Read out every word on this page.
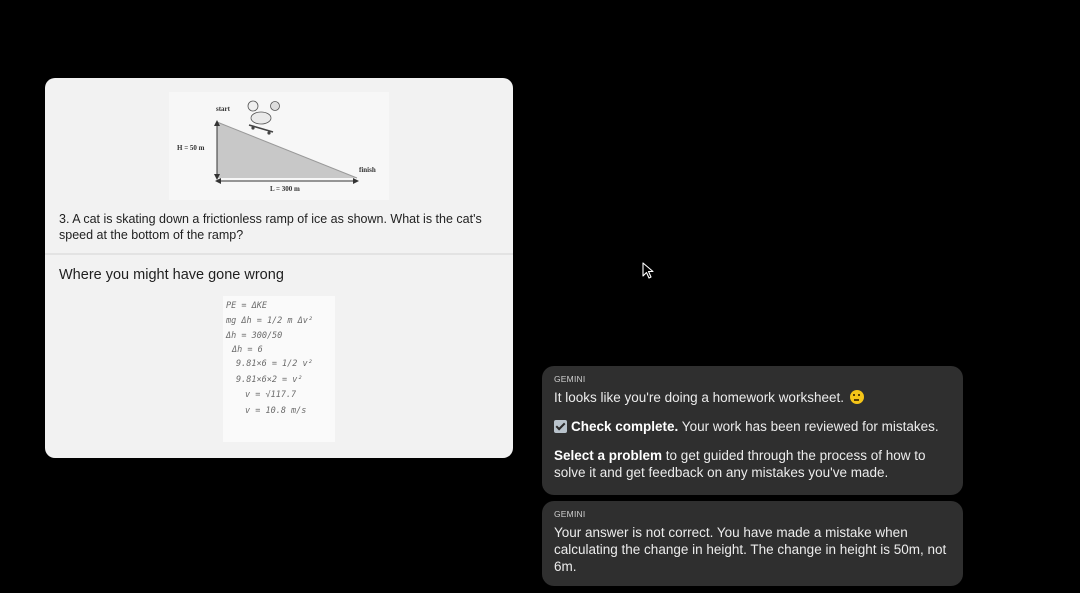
start
H = 50 m
finish
L = 300 m
3. A cat is skating down a frictionless ramp of ice as shown. What is the cat's speed at the bottom of the ramp?
Where you might have gone wrong
PE = ΔKE
mg Δh = 1/2 m Δv²
Δh = 300/50
Δh = 6
9.81×6 = 1/2 v²
9.81×6×2 = v²
v = √117.7
v = 10.8 m/s
GEMINI

It looks like you're doing a homework worksheet.

Check complete. Your work has been reviewed for mistakes.

Select a problem to get guided through the process of how to solve it and get feedback on any mistakes you've made.

GEMINI

Your answer is not correct. You have made a mistake when calculating the change in height. The change in height is 50m, not 6m.
